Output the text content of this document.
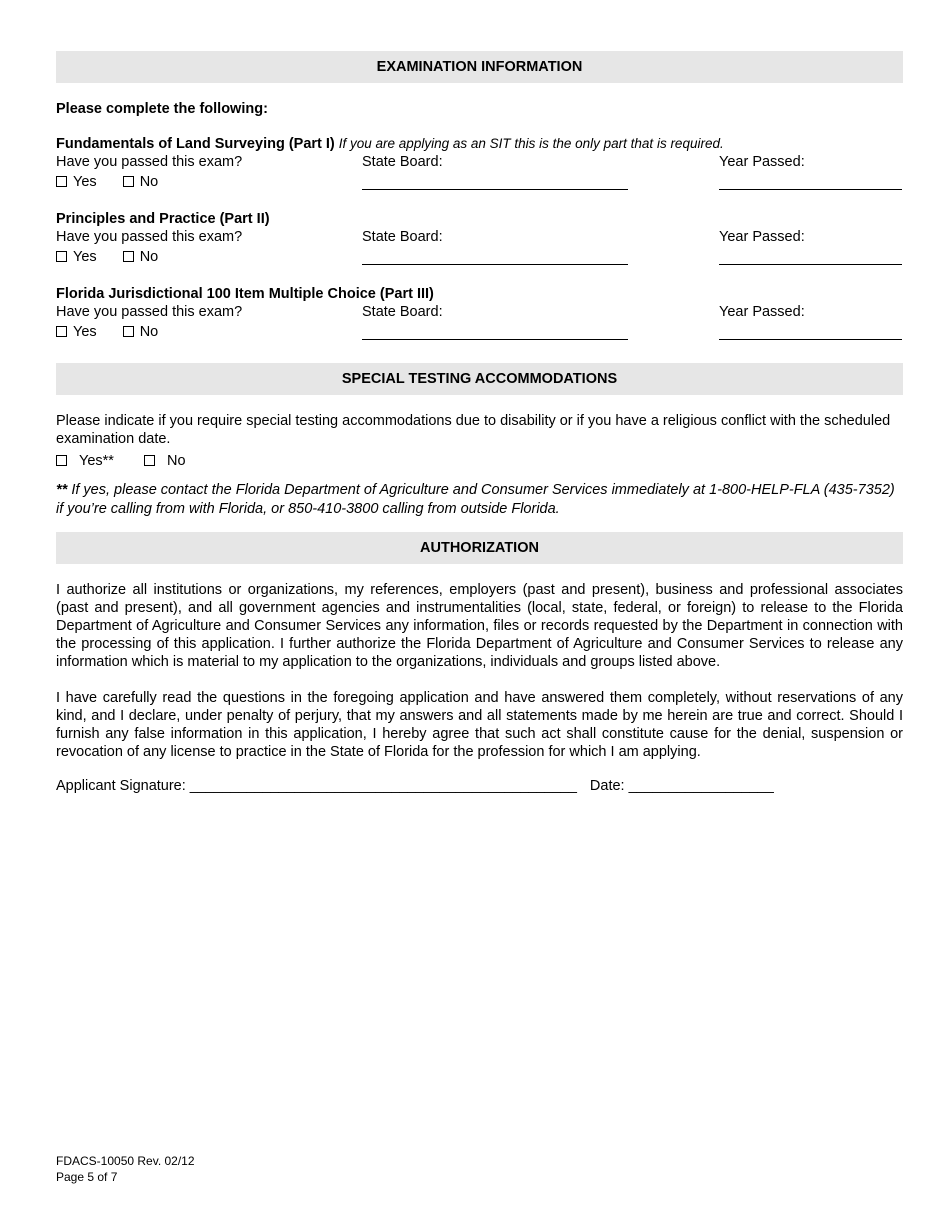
EXAMINATION INFORMATION
Please complete the following:
Fundamentals of Land Surveying (Part I) If you are applying as an SIT this is the only part that is required.
Have you passed this exam?
Yes	No
State Board:	Year Passed:
Principles and Practice (Part II)
Have you passed this exam?
Yes	No
State Board:	Year Passed:
Florida Jurisdictional 100 Item Multiple Choice (Part III)
Have you passed this exam?
Yes	No
State Board:	Year Passed:
SPECIAL TESTING ACCOMMODATIONS
Please indicate if you require special testing accommodations due to disability or if you have a religious conflict with the scheduled examination date.
Yes**	No
** If yes, please contact the Florida Department of Agriculture and Consumer Services immediately at 1-800-HELP-FLA (435-7352) if you’re calling from with Florida, or 850-410-3800 calling from outside Florida.
AUTHORIZATION
I authorize all institutions or organizations, my references, employers (past and present), business and professional associates (past and present), and all government agencies and instrumentalities (local, state, federal, or foreign) to release to the Florida Department of Agriculture and Consumer Services any information, files or records requested by the Department in connection with the processing of this application. I further authorize the Florida Department of Agriculture and Consumer Services to release any information which is material to my application to the organizations, individuals and groups listed above.
I have carefully read the questions in the foregoing application and have answered them completely, without reservations of any kind, and I declare, under penalty of perjury, that my answers and all statements made by me herein are true and correct. Should I furnish any false information in this application, I hereby agree that such act shall constitute cause for the denial, suspension or revocation of any license to practice in the State of Florida for the profession for which I am applying.
Applicant Signature: ________________________________________________ Date: __________________
FDACS-10050 Rev. 02/12
Page 5 of 7
